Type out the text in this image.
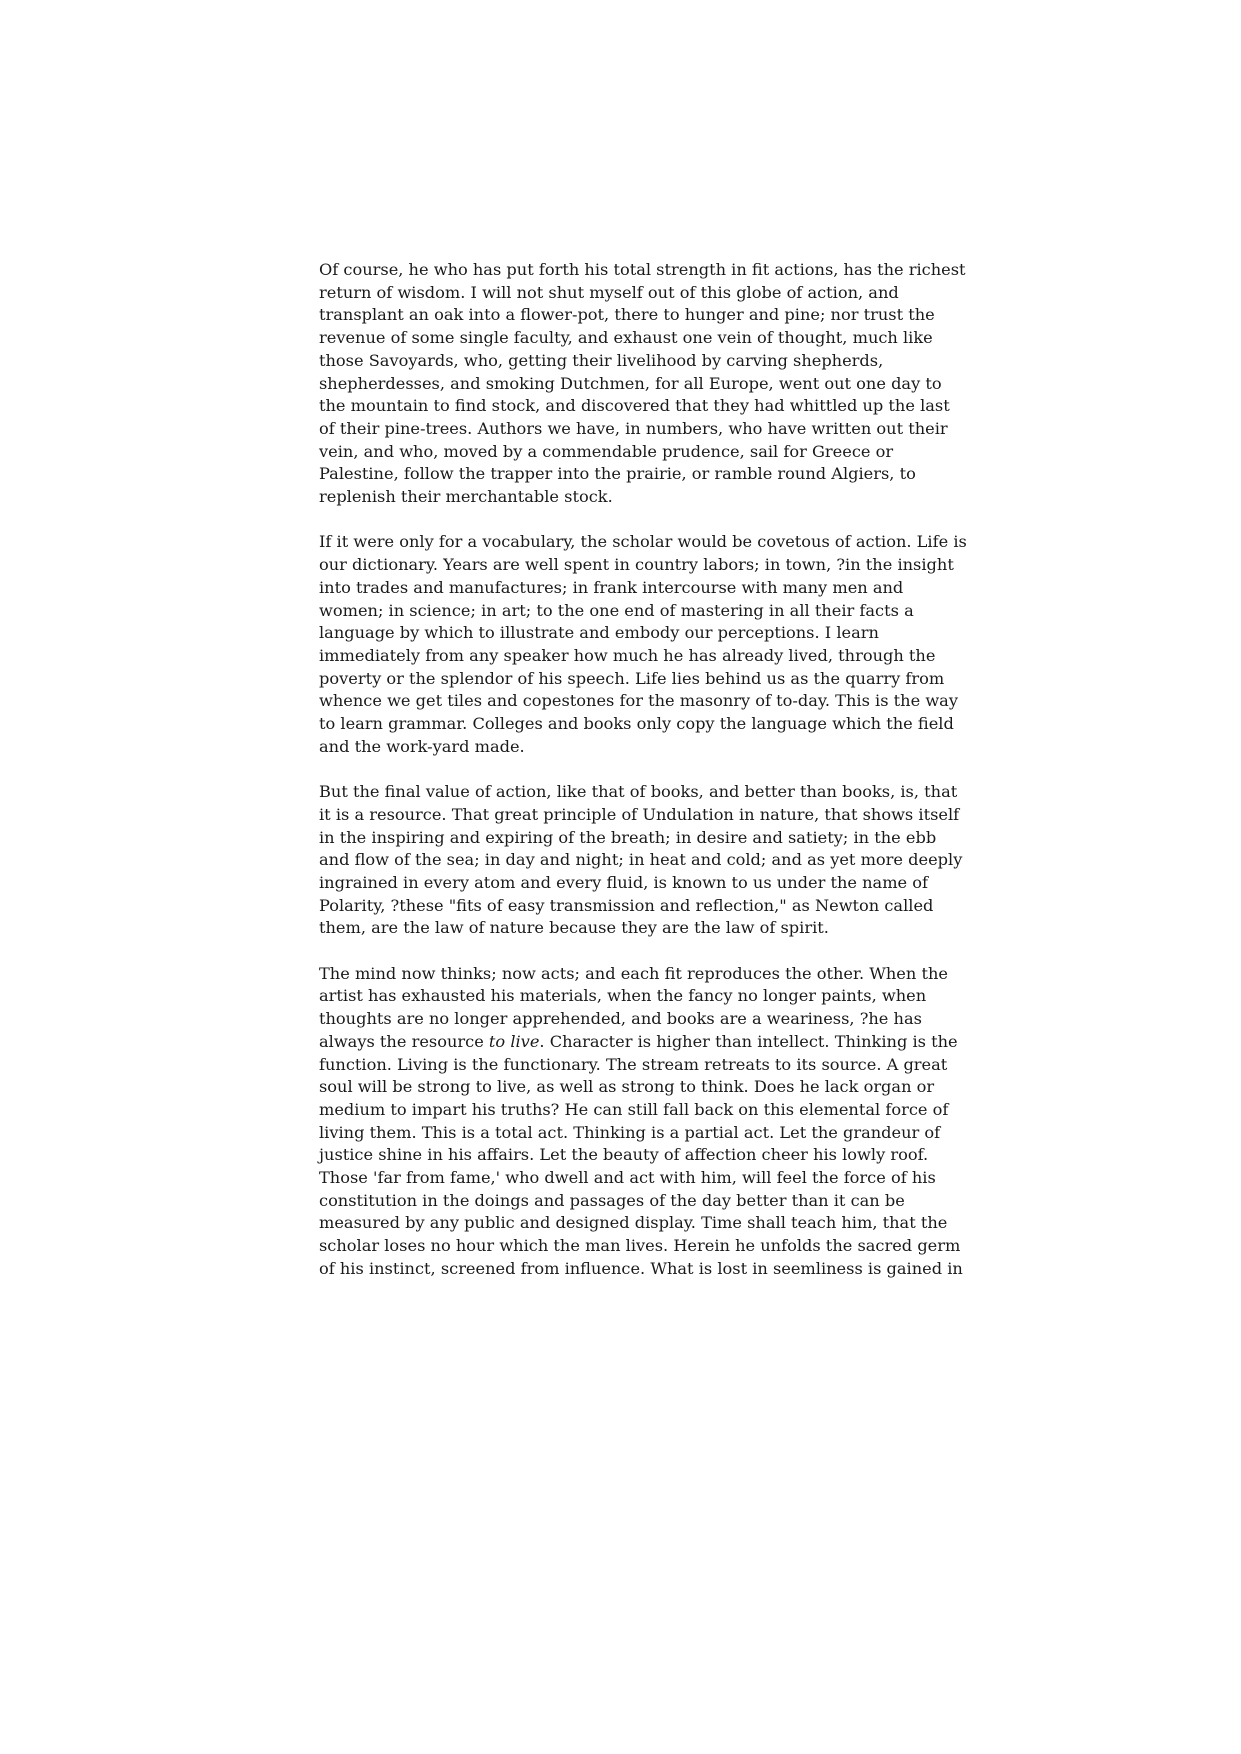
Of course, he who has put forth his total strength in fit actions, has the richest
return of wisdom. I will not shut myself out of this globe of action, and
transplant an oak into a flower-pot, there to hunger and pine; nor trust the
revenue of some single faculty, and exhaust one vein of thought, much like
those Savoyards, who, getting their livelihood by carving shepherds,
shepherdesses, and smoking Dutchmen, for all Europe, went out one day to
the mountain to find stock, and discovered that they had whittled up the last
of their pine-trees. Authors we have, in numbers, who have written out their
vein, and who, moved by a commendable prudence, sail for Greece or
Palestine, follow the trapper into the prairie, or ramble round Algiers, to
replenish their merchantable stock.

If it were only for a vocabulary, the scholar would be covetous of action. Life is
our dictionary. Years are well spent in country labors; in town, ?in the insight
into trades and manufactures; in frank intercourse with many men and
women; in science; in art; to the one end of mastering in all their facts a
language by which to illustrate and embody our perceptions. I learn
immediately from any speaker how much he has already lived, through the
poverty or the splendor of his speech. Life lies behind us as the quarry from
whence we get tiles and copestones for the masonry of to-day. This is the way
to learn grammar. Colleges and books only copy the language which the field
and the work-yard made.

But the final value of action, like that of books, and better than books, is, that
it is a resource. That great principle of Undulation in nature, that shows itself
in the inspiring and expiring of the breath; in desire and satiety; in the ebb
and flow of the sea; in day and night; in heat and cold; and as yet more deeply
ingrained in every atom and every fluid, is known to us under the name of
Polarity, ?these "fits of easy transmission and reflection," as Newton called
them, are the law of nature because they are the law of spirit.

The mind now thinks; now acts; and each fit reproduces the other. When the
artist has exhausted his materials, when the fancy no longer paints, when
thoughts are no longer apprehended, and books are a weariness, ?he has
always the resource to live. Character is higher than intellect. Thinking is the
function. Living is the functionary. The stream retreats to its source. A great
soul will be strong to live, as well as strong to think. Does he lack organ or
medium to impart his truths? He can still fall back on this elemental force of
living them. This is a total act. Thinking is a partial act. Let the grandeur of
justice shine in his affairs. Let the beauty of affection cheer his lowly roof.
Those 'far from fame,' who dwell and act with him, will feel the force of his
constitution in the doings and passages of the day better than it can be
measured by any public and designed display. Time shall teach him, that the
scholar loses no hour which the man lives. Herein he unfolds the sacred germ
of his instinct, screened from influence. What is lost in seemliness is gained in
